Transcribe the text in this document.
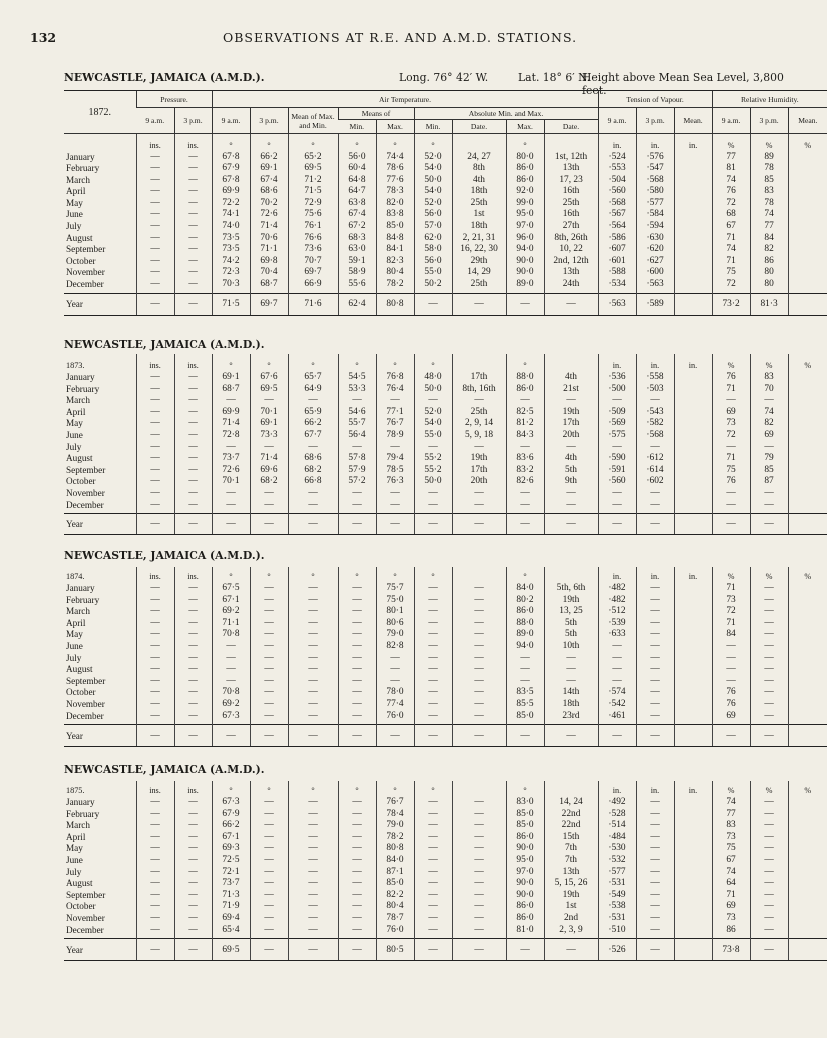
132	OBSERVATIONS AT R.E. AND A.M.D. STATIONS.
NEWCASTLE, JAMAICA (A.M.D.).	Long. 76° 42′ W.	Lat. 18° 6′ N.
Height above Mean Sea Level, 3,800 feet.
1872.	Pressure.		Air Temperature.									Tension of Vapour.			Relative Humidity.		
	9 a.m.	3 p.m.	9 a.m.	3 p.m.	Mean of Max. and Min.	Means of		Absolute Min. and Max.				9 a.m.	3 p.m.	Mean.	9 a.m.	3 p.m.	Mean.
						Min.	Max.	Min.	Date.	Max.	Date.						
	ins.	ins.	°	°	°	°	°	°		°		in.	in.	in.	%	%	%
January	—	—	67·8	66·2	65·2	56·0	74·4	52·0	24, 27	80·0	1st, 12th	·524	·576		77	89	
February	—	—	67·9	69·1	69·5	60·4	78·6	54·0	8th	86·0	13th	·553	·547		81	78	
March	—	—	67·8	67·4	71·2	64·8	77·6	50·0	4th	86·0	17, 23	·504	·568		74	85	
April	—	—	69·9	68·6	71·5	64·7	78·3	54·0	18th	92·0	16th	·560	·580		76	83	
May	—	—	72·2	70·2	72·9	63·8	82·0	52·0	25th	99·0	25th	·568	·577		72	78	
June	—	—	74·1	72·6	75·6	67·4	83·8	56·0	1st	95·0	16th	·567	·584		68	74	
July	—	—	74·0	71·4	76·1	67·2	85·0	57·0	18th	97·0	27th	·564	·594		67	77	
August	—	—	73·5	70·6	76·6	68·3	84·8	62·0	2, 21, 31	96·0	8th, 26th	·586	·630		71	84	
September	—	—	73·5	71·1	73·6	63·0	84·1	58·0	16, 22, 30	94·0	10, 22	·607	·620		74	82	
October	—	—	74·2	69·8	70·7	59·1	82·3	56·0	29th	90·0	2nd, 12th	·601	·627		71	86	
November	—	—	72·3	70·4	69·7	58·9	80·4	55·0	14, 29	90·0	13th	·588	·600		75	80	
December	—	—	70·3	68·7	66·9	55·6	78·2	50·2	25th	89·0	24th	·534	·563		72	80	
Year	—	—	71·5	69·7	71·6	62·4	80·8	—	—	—	—	·563	·589		73·2	81·3	
NEWCASTLE, JAMAICA (A.M.D.).
1873.	ins.	ins.	°	°	°	°	°	°		°		in.	in.	in.	%	%	%
January	—	—	69·1	67·6	65·7	54·5	76·8	48·0	17th	88·0	4th	·536	·558		76	83	
February	—	—	68·7	69·5	64·9	53·3	76·4	50·0	8th, 16th	86·0	21st	·500	·503		71	70	
March	—	—	—	—	—	—	—	—	—	—	—	—	—		—	—	
April	—	—	69·9	70·1	65·9	54·6	77·1	52·0	25th	82·5	19th	·509	·543		69	74	
May	—	—	71·4	69·1	66·2	55·7	76·7	54·0	2, 9, 14	81·2	17th	·569	·582		73	82	
June	—	—	72·8	73·3	67·7	56·4	78·9	55·0	5, 9, 18	84·3	20th	·575	·568		72	69	
July	—	—	—	—	—	—	—	—	—	—	—	—	—		—	—	
August	—	—	73·7	71·4	68·6	57·8	79·4	55·2	19th	83·6	4th	·590	·612		71	79	
September	—	—	72·6	69·6	68·2	57·9	78·5	55·2	17th	83·2	5th	·591	·614		75	85	
October	—	—	70·1	68·2	66·8	57·2	76·3	50·0	20th	82·6	9th	·560	·602		76	87	
November	—	—	—	—	—	—	—	—	—	—	—	—	—		—	—	
December	—	—	—	—	—	—	—	—	—	—	—	—	—		—	—	
Year	—	—	—	—	—	—	—	—	—	—	—	—	—		—	—	
NEWCASTLE, JAMAICA (A.M.D.).
1874.	ins.	ins.	°	°	°	°	°	°		°		in.	in.	in.	%	%	%
January	—	—	67·5	—	—	—	75·7	—	—	84·0	5th, 6th	·482	—		71	—	
February	—	—	67·1	—	—	—	75·0	—	—	80·2	19th	·482	—		73	—	
March	—	—	69·2	—	—	—	80·1	—	—	86·0	13, 25	·512	—		72	—	
April	—	—	71·1	—	—	—	80·6	—	—	88·0	5th	·539	—		71	—	
May	—	—	70·8	—	—	—	79·0	—	—	89·0	5th	·633	—		84	—	
June	—	—	—	—	—	—	82·8	—	—	94·0	10th	—	—		—	—	
July	—	—	—	—	—	—	—	—	—	—	—	—	—		—	—	
August	—	—	—	—	—	—	—	—	—	—	—	—	—		—	—	
September	—	—	—	—	—	—	—	—	—	—	—	—	—		—	—	
October	—	—	70·8	—	—	—	78·0	—	—	83·5	14th	·574	—		76	—	
November	—	—	69·2	—	—	—	77·4	—	—	85·5	18th	·542	—		76	—	
December	—	—	67·3	—	—	—	76·0	—	—	85·0	23rd	·461	—		69	—	
Year	—	—	—	—	—	—	—	—	—	—	—	—	—		—	—	
NEWCASTLE, JAMAICA (A.M.D.).
1875.	ins.	ins.	°	°	°	°	°	°		°		in.	in.	in.	%	%	%
January	—	—	67·3	—	—	—	76·7	—	—	83·0	14, 24	·492	—		74	—	
February	—	—	67·9	—	—	—	78·4	—	—	85·0	22nd	·528	—		77	—	
March	—	—	66·2	—	—	—	79·0	—	—	85·0	22nd	·514	—		83	—	
April	—	—	67·1	—	—	—	78·2	—	—	86·0	15th	·484	—		73	—	
May	—	—	69·3	—	—	—	80·8	—	—	90·0	7th	·530	—		75	—	
June	—	—	72·5	—	—	—	84·0	—	—	95·0	7th	·532	—		67	—	
July	—	—	72·1	—	—	—	87·1	—	—	97·0	13th	·577	—		74	—	
August	—	—	73·7	—	—	—	85·0	—	—	90·0	5, 15, 26	·531	—		64	—	
September	—	—	71·3	—	—	—	82·2	—	—	90·0	19th	·549	—		71	—	
October	—	—	71·9	—	—	—	80·4	—	—	86·0	1st	·538	—		69	—	
November	—	—	69·4	—	—	—	78·7	—	—	86·0	2nd	·531	—		73	—	
December	—	—	65·4	—	—	—	76·0	—	—	81·0	2, 3, 9	·510	—		86	—	
Year	—	—	69·5	—	—	—	80·5	—	—	—	—	·526	—		73·8	—	
